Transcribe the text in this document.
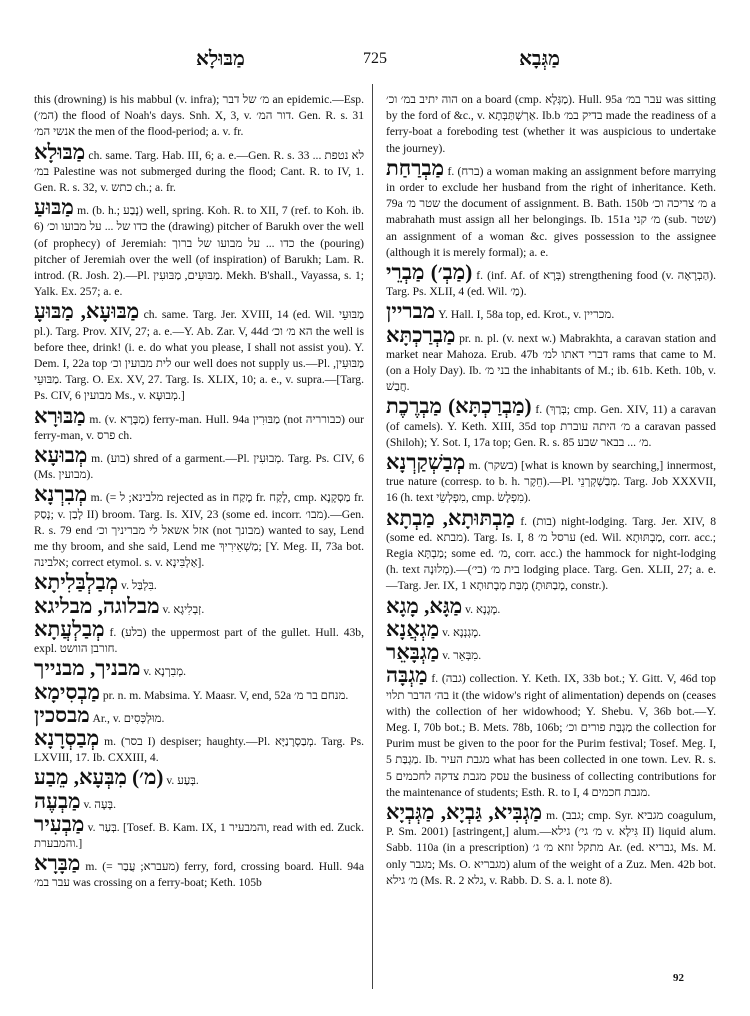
מַבּוּלָא	725	מַגְּבָא
this (drowning) is his mabbul (v. infra); מ׳ של דבר an epidemic.—Esp. (המ׳) the flood of Noah's days. Snh. X, 3, v. דור המ׳. Gen. R. s. 31 אנשי המ׳ the men of the flood-period; a. v. fr.
מַבּוּלָא ch. same. Targ. Hab. III, 6; a. e.—Gen. R. s. 33 לא נטפת ... במ׳ Palestine was not submerged during the flood; Cant. R. to IV, 1. Gen. R. s. 32, v. כתש ch.; a. fr.
מַבּוּעַ m. (b. h.; נָבַע) well, spring. Koh. R. to XII, 7 (ref. to Koh. ib. 6) כדו של ... על מבועו וכ׳ the (drawing) pitcher of Barukh over the well (of prophecy) of Jeremiah: כדו ... על מבועו של ברוך the (pouring) pitcher of Jeremiah over the well (of inspiration) of Barukh; Lam. R. introd. (R. Josh. 2).—Pl. מַבּוּעִים, מַבּוּעִין. Mekh. B'shall., Vayassa, s. 1; Yalk. Ex. 257; a. e.
מַבּוּעָא, מַבּוּעָ ch. same. Targ. Jer. XVIII, 14 (ed. Wil. מַבּוּעֵי pl.). Targ. Prov. XIV, 27; a. e.—Y. Ab. Zar. V, 44d הא מ׳ וכ׳ the well is before thee, drink! (i. e. do what you please, I shall not assist you). Y. Dem. I, 22a top לית מבועין וכ׳ our well does not supply us.—Pl. מַבּוּעִין, מַבּוּעֵי. Targ. O. Ex. XV, 27. Targ. Is. XLIX, 10; a. e., v. supra.—[Targ. Ps. CIV, 6 מבועין Ms., v. מְבוּעָא.]
מַבּוּרָא m. (v. מַבָּרָא) ferry-man. Hull. 94a מַבּוּרִין (not כבורריה) our ferry-man, v. פרס ch.
מְבוּעָא m. (בוע) shred of a garment.—Pl. מְבוּעִין. Targ. Ps. CIV, 6 (Ms. מבועין).
מְבִרְנָא m. (= מלבינא; ל rejected as in מֶקַח fr. לָקַח, cmp. מַסְקָנָא fr. נָסַק; v. לָבַן II) broom. Targ. Is. XIV, 23 (some ed. incorr. מבו׳).—Gen. R. s. 79 end אזל אשאל לי מבריניך וכ׳ (not מבונך) wanted to say, Lend me thy broom, and she said, Lend me מַשְׁאֵירִיךְ; [Y. Meg. II, 73a bot. אלבינה; correct etymol. s. v. אַלְבִּינָא].
מְבַלְבַּלִיתָא v. בִּלְבַּל.
מבלוגה, מבליגא v. זְבְלִיגָא.
מְבַלְעֲתָא f. (בלע) the uppermost part of the gullet. Hull. 43b, expl. חורבן הוושט.
מבניך, מבנייך v. מְבִרְנָא.
מַבְסִימָא pr. n. m. Mabsima. Y. Maasr. V, end, 52a מנחם בר מ׳.
מבסכין Ar., v. מוּלְכְּסִים.
מְבַסְרָנָא m. (בסר I) despiser; haughty.—Pl. מְבַסְרָנַיָּא. Targ. Ps. LXVIII, 17. Ib. CXXIII, 4.
(מ׳) מִבְּעָא, מֵבַע v. בְּעַע.
מַבְעֶה v. בָּעָה.
מַבְעִיר v. בְּעַר. [Tosef. B. Kam. IX, 1 והמבעיר, read with ed. Zuck. והמבערת.]
מַבָּרָא m. (= מעברא; עֲבַר) ferry, ford, crossing board. Hull. 94a עבר במ׳ was crossing on a ferry-boat; Keth. 105b
הוה יתיב במ׳ וכ׳ on a board (cmp. מַגְּלָא). Hull. 95a עבר במ׳ was sitting by the ford of &c., v. אַרְשְׁתַּבְּתָא. Ib.b בדיק במ׳ made the readiness of a ferry-boat a foreboding test (whether it was auspicious to undertake the journey).
מַבְרַחַת f. (ברח) a woman making an assignment before marrying in order to exclude her husband from the right of inheritance. Keth. 79a שטר מ׳ the document of assignment. B. Bath. 150b מ׳ צריכה וכ׳ a mabrahath must assign all her belongings. Ib. 151a מ׳ קני (sub. שטר) an assignment of a woman &c. gives possession to the assignee (although it is merely formal); a. e.
(מַבְ׳) מַבְרֵי f. (inf. Af. of בְּרָא) strengthening food (v. הַבְרָאָה). Targ. Ps. XLII, 4 (ed. Wil. מַ׳).
מבריין Y. Hall. I, 58a top, ed. Krot., v. מכריין.
מַבְרַכְתָּא pr. n. pl. (v. next w.) Mabrakhta, a caravan station and market near Mahoza. Erub. 47b דברי דאתו למ׳ rams that came to M. (on a Holy Day). Ib. בני מ׳ the inhabitants of M.; ib. 61b. Keth. 10b, v. חֲבַשׁ.
(מַבְרַכְתָּא) מַבְרֶכֶת f. (בְּרַךְ; cmp. Gen. XIV, 11) a caravan (of camels). Y. Keth. XIII, 35d top מ׳ היתה עוברת a caravan passed (Shiloh); Y. Sot. I, 17a top; Gen. R. s. 85 מ׳ ... בבאר שבע.
מְבַשְׁקַרְנָא m. (בשקר) [what is known by searching,] innermost, true nature (corresp. to b. h. חֵקֶר).—Pl. מְבַשְׁקְרְנֵי. Targ. Job XXXVII, 16 (h. text מִפְלְשֵׂי, cmp. מִפְלָשׂ).
מַבְתּוּתָא, מַבְתָא f. (בות) night-lodging. Targ. Jer. XIV, 8 (some ed. מבתא). Targ. Is. I, 8 ערסל מ׳ (ed. Wil. מַבְתּוּתָא, corr. acc.; Regia מַבְתָּא; some ed. מ׳, corr. acc.) the hammock for night-lodging (h. text מְלוּנָה).—בית מ׳ (בי׳) lodging place. Targ. Gen. XLII, 27; a. e.—Targ. Jer. IX, 1 מְבַּת מְבָתוּתָא (מָבַתּוּתָ, constr.).
מַגָּא, מָגָא v. מָגָנָא.
מַגְאֲנָא v. מָגְנְנָא.
מַגְבָּאֵר v. מִבְּאֵר.
מַגְבָּה f. (גבה) collection. Y. Keth. IX, 33b bot.; Y. Gitt. V, 46d top בה׳ הדבר תלוי it (the widow's right of alimentation) depends on (ceases with) the collection of her widowhood; Y. Shebu. V, 36b bot.—Y. Meg. I, 70b bot.; B. Mets. 78b, 106b; מַגְבַּת פורים וכ׳ the collection for Purim must be given to the poor for the Purim festival; Tosef. Meg. I, 5 מַגְבַּת. Ib. מגבת העיר what has been collected in one town. Lev. R. s. 5 עסק מגבת צדקה לחכמים the business of collecting contributions for the maintenance of students; Esth. R. to I, 4 מגבת חכמים.
מַגְבִּיא, גַּבְיָא, מַגְּבְיָא m. (גבב; cmp. Syr. מגביא coagulum, P. Sm. 2001) [astringent,] alum.—גילא (מ׳ גי׳ v. גִּילָא II) liquid alum. Sabb. 110a (in a prescription) מתקל זוזא מ׳ ג׳ Ar. (ed. גבריא, Ms. M. only מגבר; Ms. O. מגבריא) alum of the weight of a Zuz. Men. 42b bot. מ׳ גילא (Ms. R. 2 גלא, v. Rabb. D. S. a. l. note 8).
92
